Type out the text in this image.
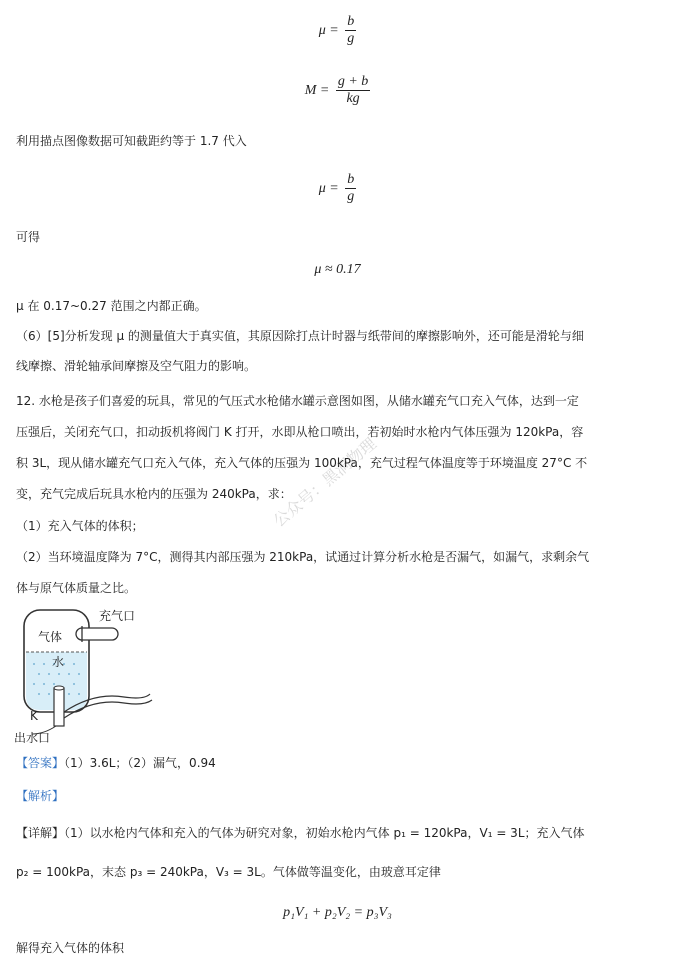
$\mu = \frac{b}{g}$
$M = \frac{g + b}{kg}$
利用描点图像数据可知截距约等于 1.7 代入
$\mu = \frac{b}{g}$
可得
μ ≈ 0.17
μ 在 0.17~0.27 范围之内都正确。
（6）[5]分析发现 μ 的测量值大于真实值，其原因除打点计时器与纸带间的摩擦影响外，还可能是滑轮与细
线摩擦、滑轮轴承间摩擦及空气阻力的影响。
12. 水枪是孩子们喜爱的玩具，常见的气压式水枪储水罐示意图如图，从储水罐充气口充入气体，达到一定
压强后，关闭充气口，扣动扳机将阀门 K 打开，水即从枪口喷出，若初始时水枪内气体压强为 120kPa，容
积 3L，现从储水罐充气口充入气体，充入气体的压强为 100kPa，充气过程气体温度等于环境温度 27°C 不
变，充气完成后玩具水枪内的压强为 240kPa，求：
（1）充入气体的体积；
（2）当环境温度降为 7°C，测得其内部压强为 210kPa，试通过计算分析水枪是否漏气，如漏气，求剩余气
体与原气体质量之比。
充气口
气体
水
K
出水口
【答案】（1）3.6L；（2）漏气，0.94
【解析】
【详解】（1）以水枪内气体和充入的气体为研究对象，初始水枪内气体 p₁ = 120kPa，V₁ = 3L；充入气体
p₂ = 100kPa，末态 p₃ = 240kPa，V₃ = 3L。气体做等温变化，由玻意耳定律
p₁V₁ + p₂V₂ = p₃V₃
解得充入气体的体积
公众号：黑洞物理
